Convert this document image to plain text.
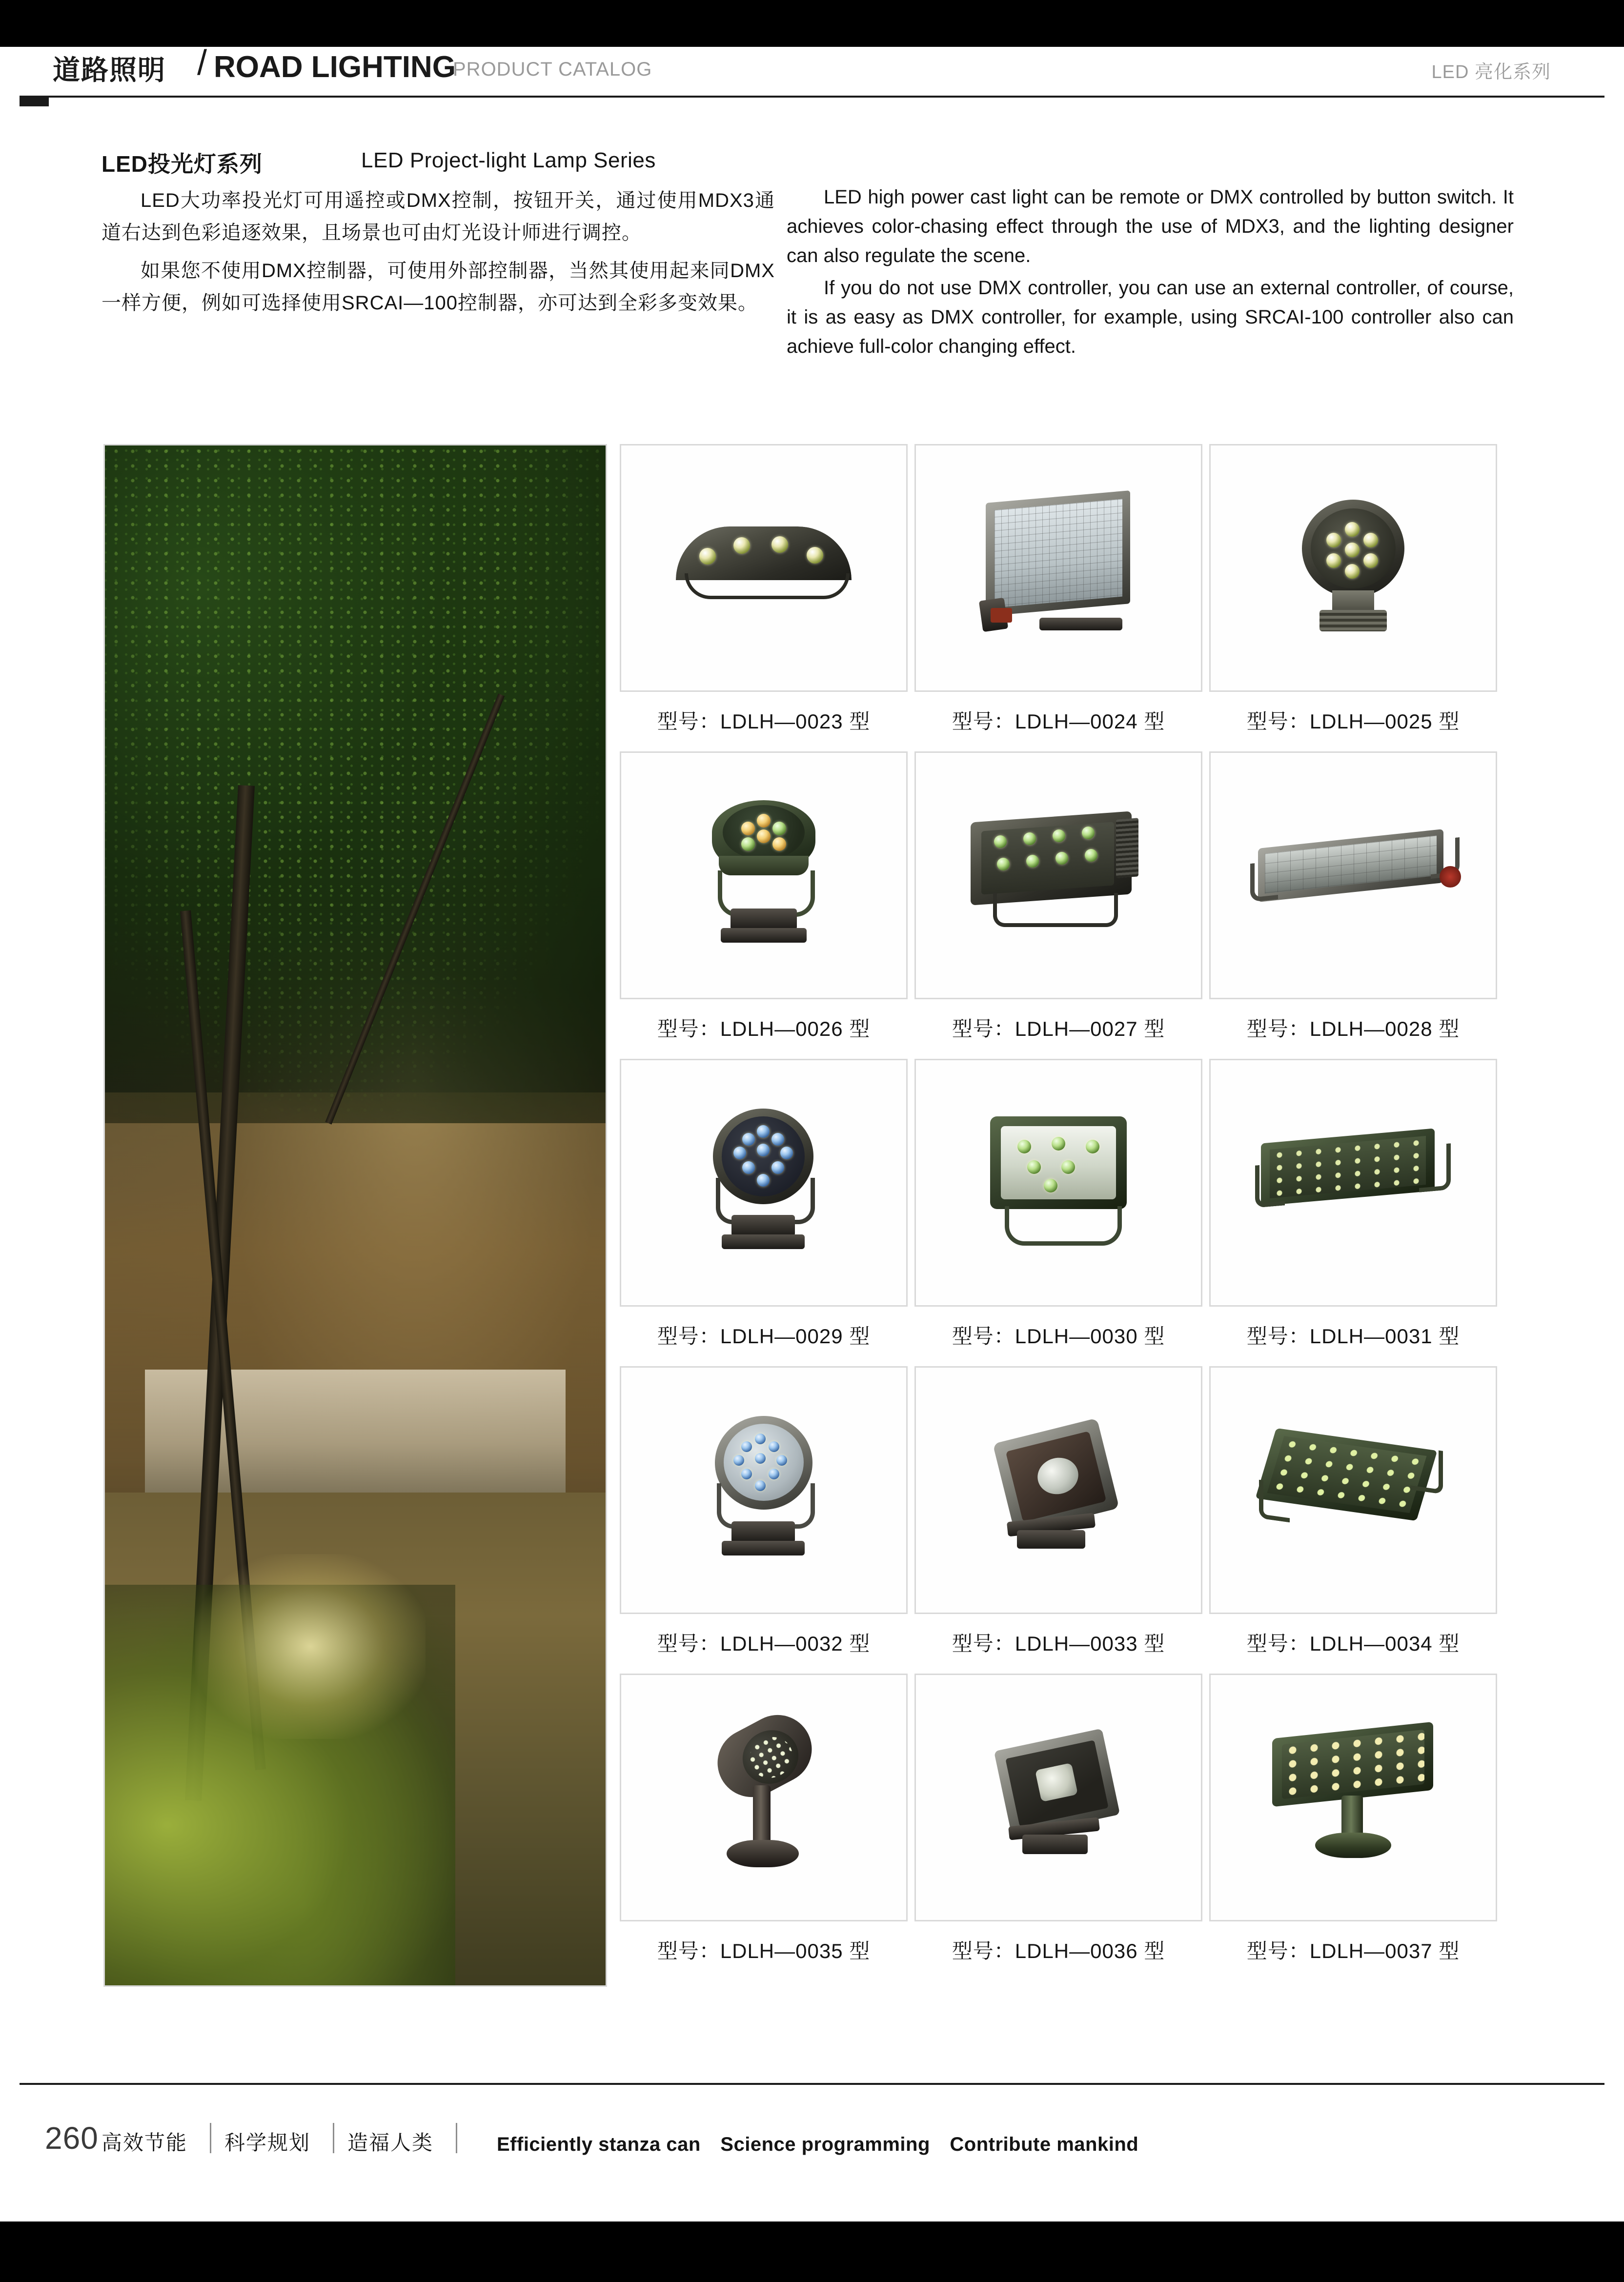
道路照明 / ROAD LIGHTING
PRODUCT CATALOG	LED 亮化系列
LED投光灯系列	LED Project-light Lamp Series

LED大功率投光灯可用遥控或DMX控制，按钮开关，通过使用MDX3通道右达到色彩追逐效果，且场景也可由灯光设计师进行调控。

如果您不使用DMX控制器，可使用外部控制器，当然其使用起来同DMX一样方便，例如可选择使用SRCAI—100控制器，亦可达到全彩多变效果。

LED high power cast light can be remote or DMX controlled by button switch. It achieves color-chasing effect through the use of MDX3, and the lighting designer can also regulate the scene.

If you do not use DMX controller, you can use an external controller, of course, it is as easy as DMX controller, for example, using SRCAI-100 controller also can achieve full-color changing effect.

型号：LDLH—0023 型	型号：LDLH—0024 型	型号：LDLH—0025 型
型号：LDLH—0026 型	型号：LDLH—0027 型	型号：LDLH—0028 型
型号：LDLH—0029 型	型号：LDLH—0030 型	型号：LDLH—0031 型
型号：LDLH—0032 型	型号：LDLH—0033 型	型号：LDLH—0034 型
型号：LDLH—0035 型	型号：LDLH—0036 型	型号：LDLH—0037 型
260 高效节能 科学规划 造福人类	Efficiently stanza can　Science programming　Contribute mankind
